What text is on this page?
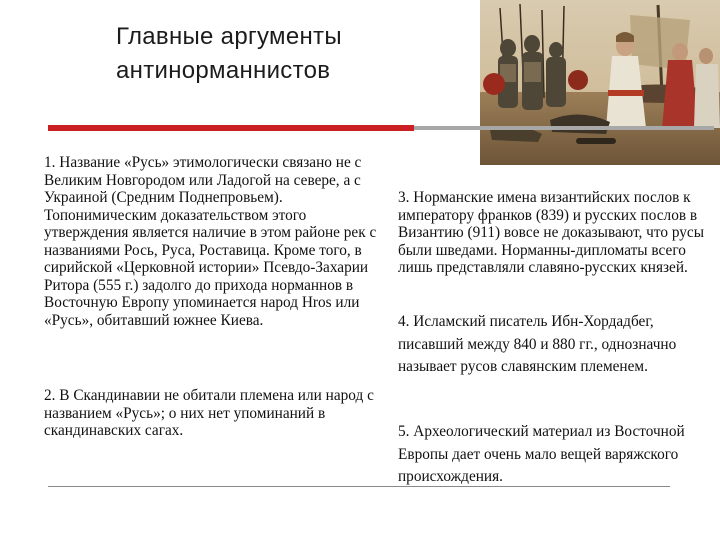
Главные аргументы
антинорманнистов

1. Название «Русь» этимологически связано не с Великим Новгородом или Ладогой на севере, а с Украиной (Средним Поднепровьем). Топонимическим доказательством этого утверждения является наличие в этом районе рек с названиями Рось, Руса, Роставица. Кроме того, в сирийской «Церковной истории» Псевдо-Захарии Ритора (555 г.) задолго до прихода норманнов в Восточную Европу упоминается народ Hros или «Русь», обитавший южнее Киева.

2. В Скандинавии не обитали племена или народ с названием «Русь»; о них нет упоминаний в скандинавских сагах.

3. Норманские имена византийских послов к императору франков (839) и русских послов в Византию (911) вовсе не доказывают, что русы были шведами. Норманны-дипломаты всего лишь представляли славяно-русских князей.

4. Исламский писатель Ибн-Хордадбег, писавший между 840 и 880 гг., однозначно называет русов славянским племенем.

5. Археологический материал из Восточной Европы дает очень мало вещей варяжского происхождения.
